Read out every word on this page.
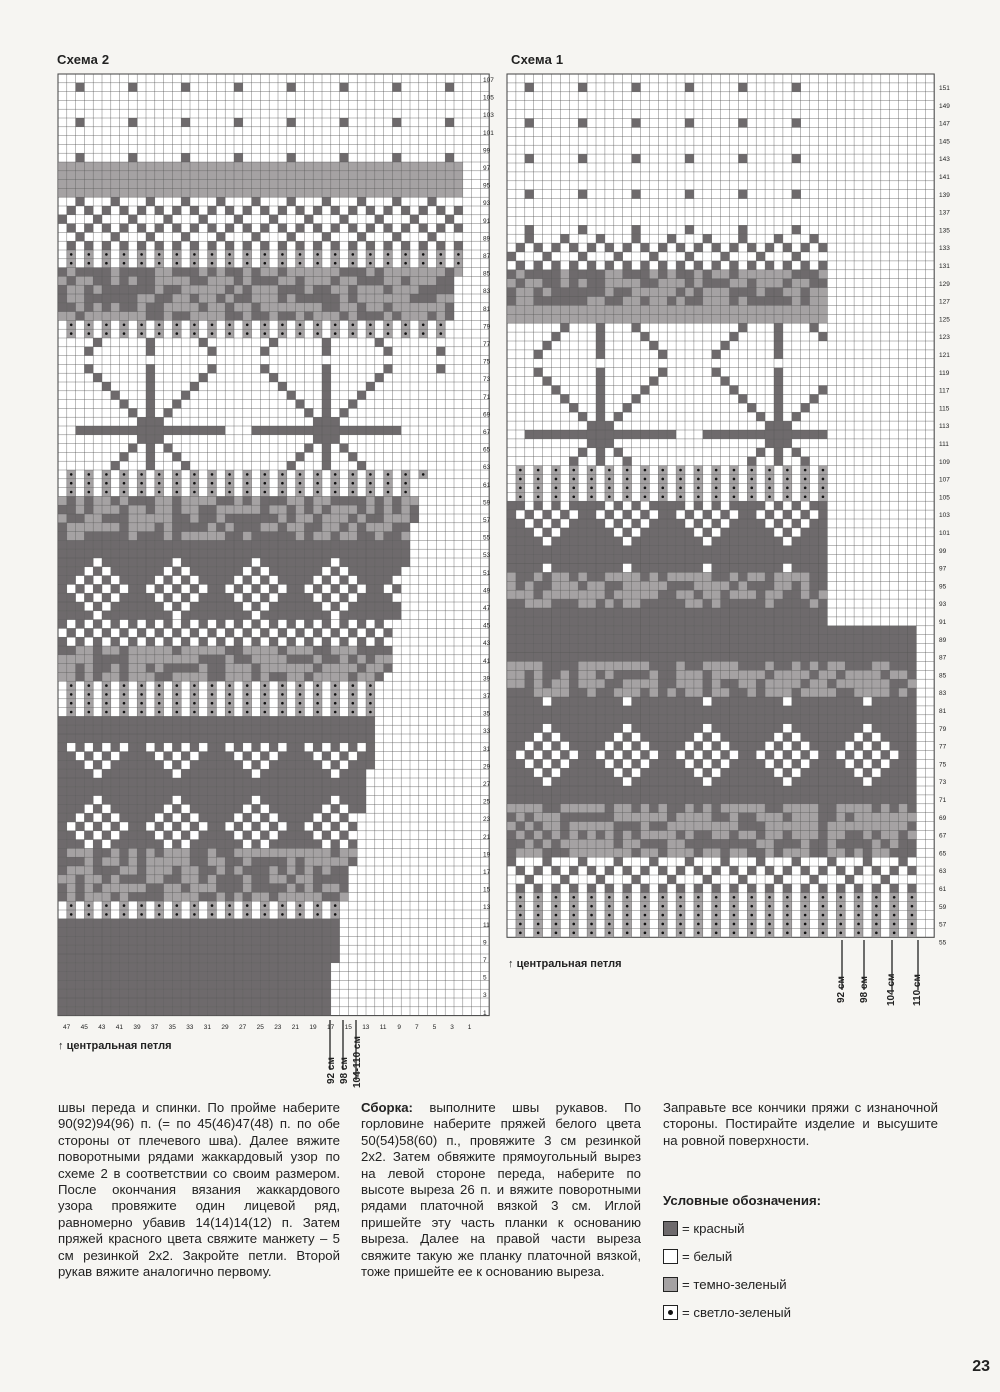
Схема 2	Схема 1
107
105
103
101
99
97
95
93
91
89
87
85
83
81
79
77
75
73
71
69
67
65
63
61
59
57
55
53
51
49
47
45
43
41
39
37
35
33
31
29
27
25
23
21
19
17
15
13
11
9
7
5
3
1
151
149
147
145
143
141
139
137
135
133
131
129
127
125
123
121
119
117
115
113
111
109
107
105
103
101
99
97
95
93
91
89
87
85
83
81
79
77
75
73
71
69
67
65
63
61
59
57
55
47 45 43 41 39 37 35 33 31 29 27 25 23 21 19 17 15 13 11 9 7 5 3 1
↑ центральная петля
↑ центральная петля
92 см 98 см 104-110 см
92 см 98 см 104 см 110 см
швы переда и спинки. По пройме наберите 90(92)94(96) п. (= по 45(46)47(48) п. по обе стороны от плечевого шва). Далее вяжите поворотными рядами жаккардовый узор по схеме 2 в соответствии со своим размером. После окончания вязания жаккардового узора провяжите один лицевой ряд, равномерно убавив 14(14)14(12) п. Затем пряжей красного цвета свяжите манжету – 5 см резинкой 2х2. Закройте петли. Второй рукав вяжите аналогично первому.
Сборка: выполните швы рукавов. По горловине наберите пряжей белого цвета 50(54)58(60) п., провяжите 3 см резинкой 2х2. Затем обвяжите прямоугольный вырез на левой стороне переда, наберите по высоте выреза 26 п. и вяжите поворотными рядами платочной вязкой 3 см. Иглой пришейте эту часть планки к основанию выреза. Далее на правой части выреза свяжите такую же планку платочной вязкой, тоже пришейте ее к основанию выреза.
Заправьте все кончики пряжи с изнаночной стороны. Постирайте изделие и высушите на ровной поверхности.
Условные обозначения:
= красный
= белый
= темно-зеленый
= светло-зеленый
23
